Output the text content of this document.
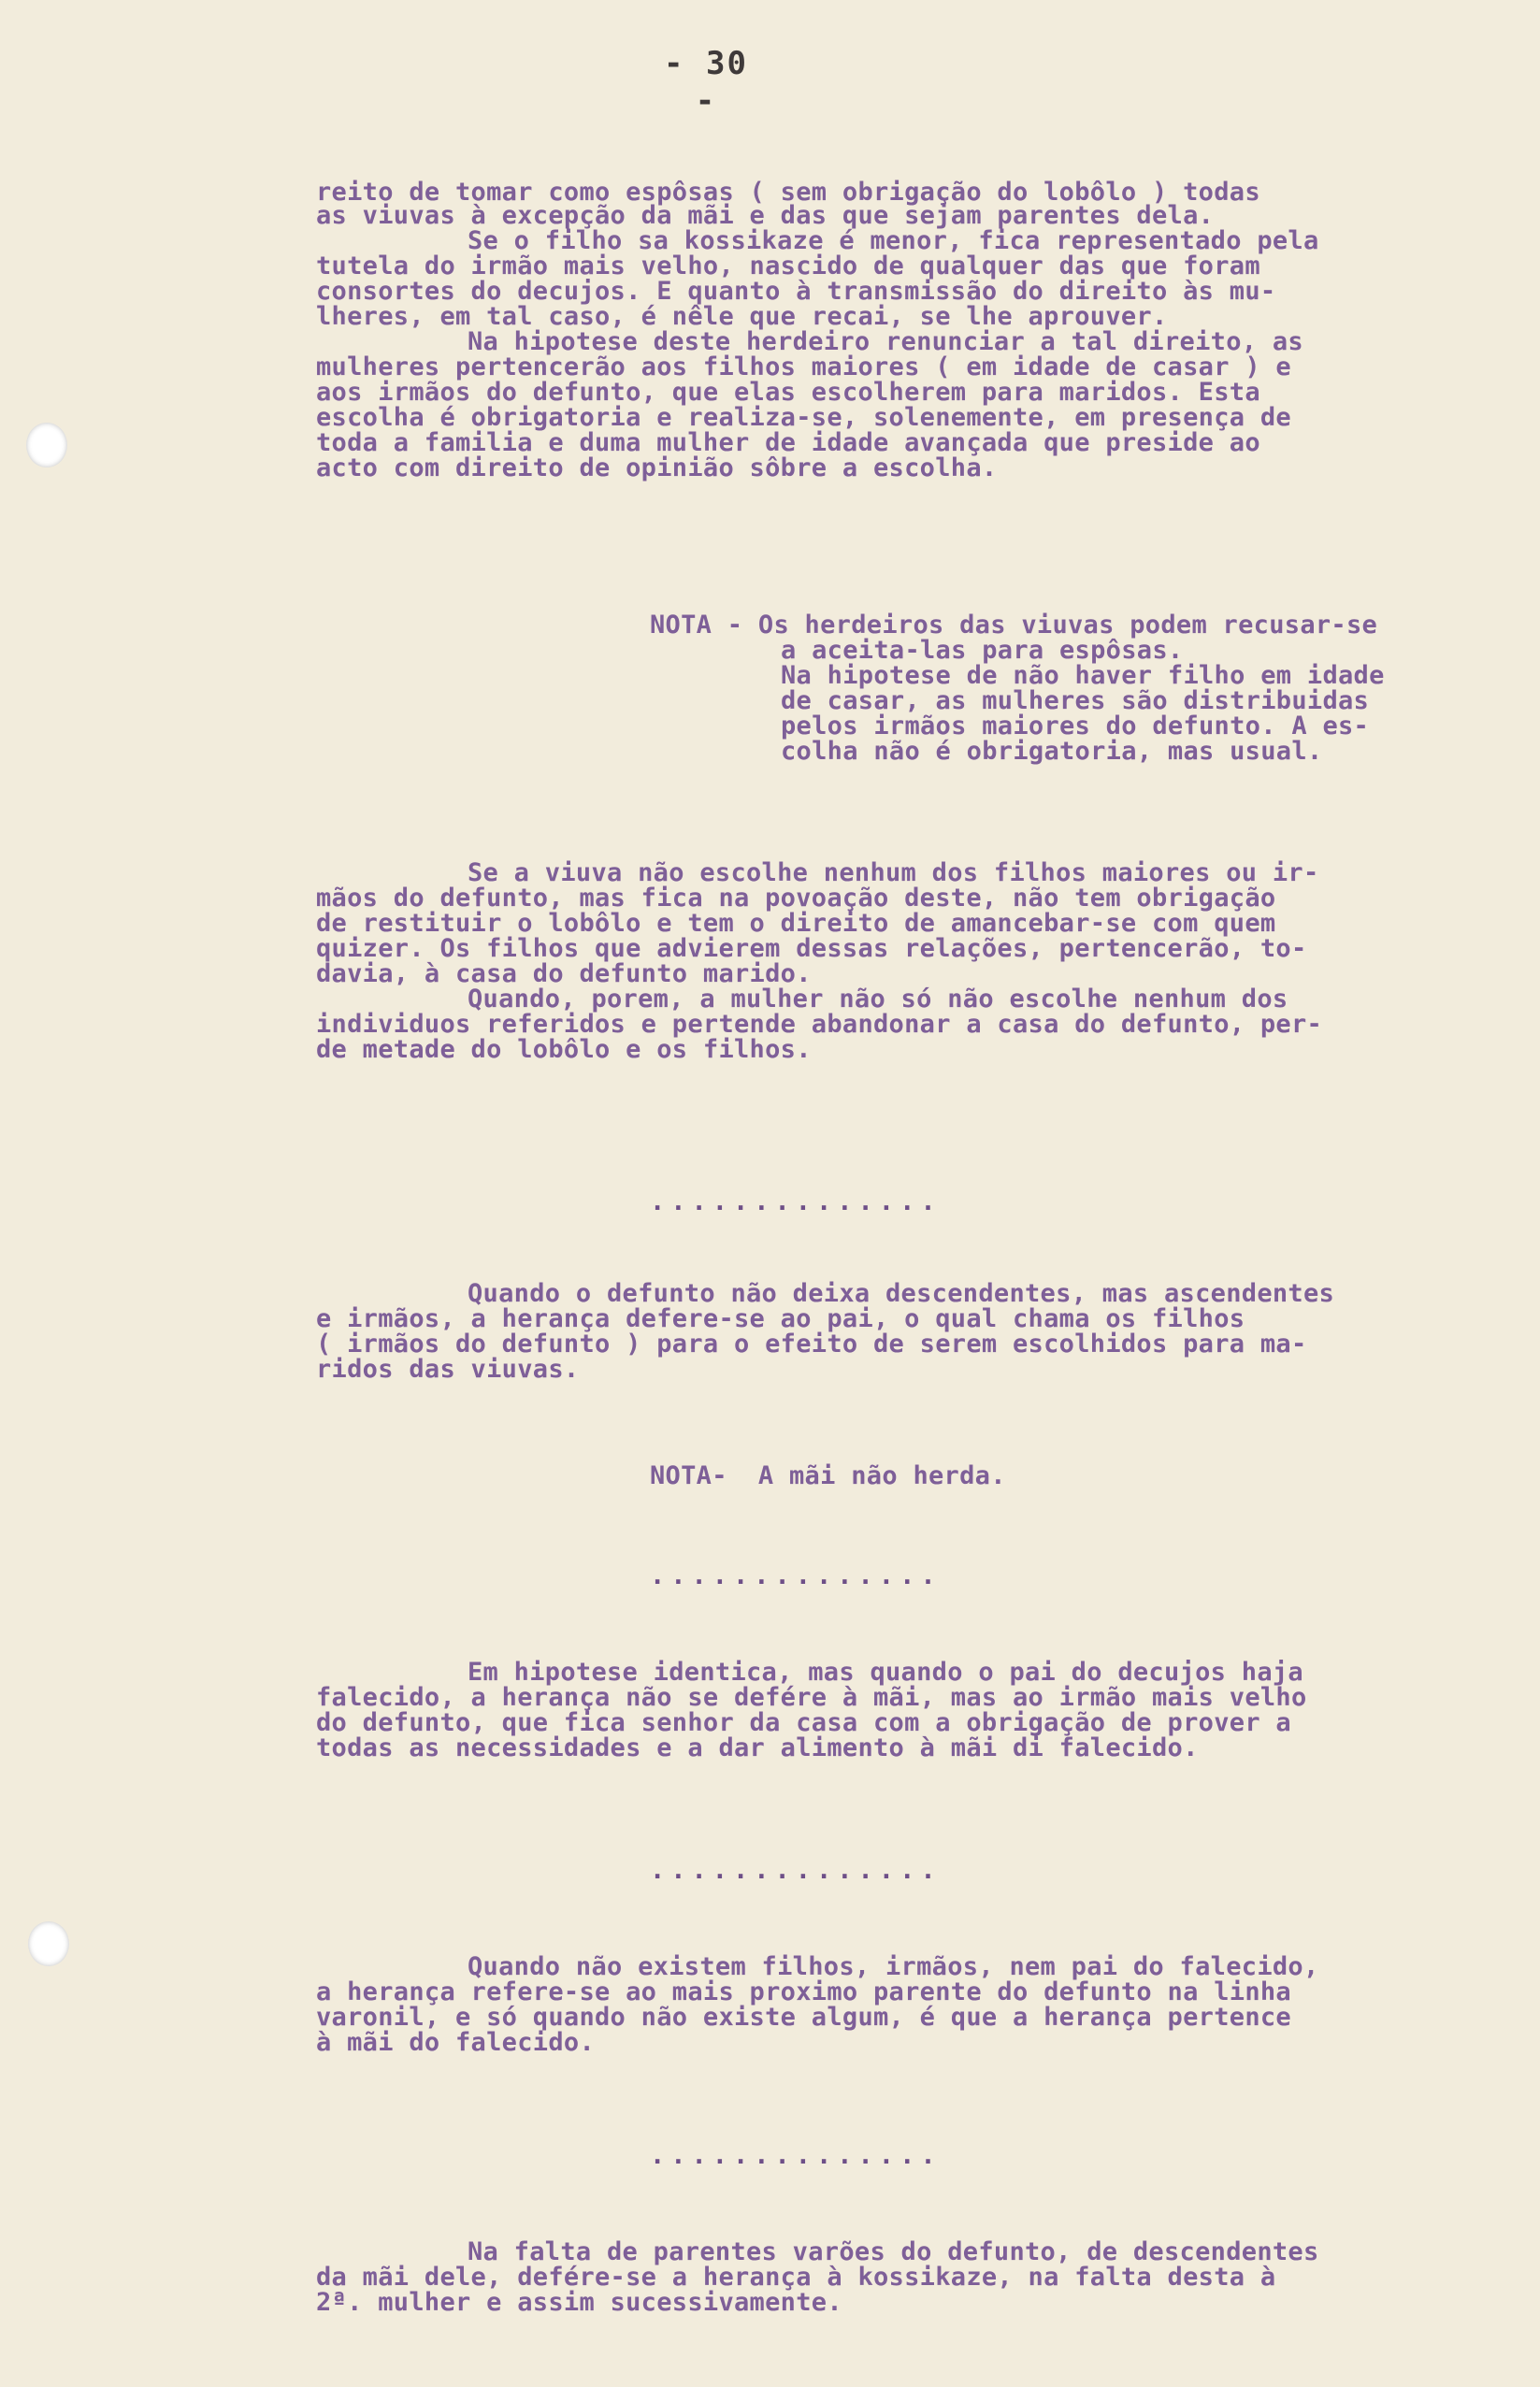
- 30 -
reito de tomar como espôsas ( sem obrigação do lobôlo ) todas
as viuvas à excepção da mãi e das que sejam parentes dela.
Se o filho sa kossikaze é menor, fica representado pela
tutela do irmão mais velho, nascido de qualquer das que foram
consortes do decujos. E quanto à transmissão do direito às mu-
lheres, em tal caso, é nêle que recai, se lhe aprouver.
Na hipotese deste herdeiro renunciar a tal direito, as
mulheres pertencerão aos filhos maiores ( em idade de casar ) e
aos irmãos do defunto, que elas escolherem para maridos. Esta
escolha é obrigatoria e realiza-se, solenemente, em presença de
toda a familia e duma mulher de idade avançada que preside ao
acto com direito de opinião sôbre a escolha.
NOTA - Os herdeiros das viuvas podem recusar-se
a aceita-las para espôsas.
Na hipotese de não haver filho em idade
de casar, as mulheres são distribuidas
pelos irmãos maiores do defunto. A es-
colha não é obrigatoria, mas usual.
Se a viuva não escolhe nenhum dos filhos maiores ou ir-
mãos do defunto, mas fica na povoação deste, não tem obrigação
de restituir o lobôlo e tem o direito de amancebar-se com quem
quizer. Os filhos que advierem dessas relações, pertencerão, to-
davia, à casa do defunto marido.
Quando, porem, a mulher não só não escolhe nenhum dos
individuos referidos e pertende abandonar a casa do defunto, per-
de metade do lobôlo e os filhos.
..............
Quando o defunto não deixa descendentes, mas ascendentes
e irmãos, a herança defere-se ao pai, o qual chama os filhos
( irmãos do defunto ) para o efeito de serem escolhidos para ma-
ridos das viuvas.
NOTA-  A mãi não herda.
..............
Em hipotese identica, mas quando o pai do decujos haja
falecido, a herança não se defére à mãi, mas ao irmão mais velho
do defunto, que fica senhor da casa com a obrigação de prover a
todas as necessidades e a dar alimento à mãi di falecido.
..............
Quando não existem filhos, irmãos, nem pai do falecido,
a herança refere-se ao mais proximo parente do defunto na linha
varonil, e só quando não existe algum, é que a herança pertence
à mãi do falecido.
..............
Na falta de parentes varões do defunto, de descendentes
da mãi dele, defére-se a herança à kossikaze, na falta desta à
2ª. mulher e assim sucessivamente.
